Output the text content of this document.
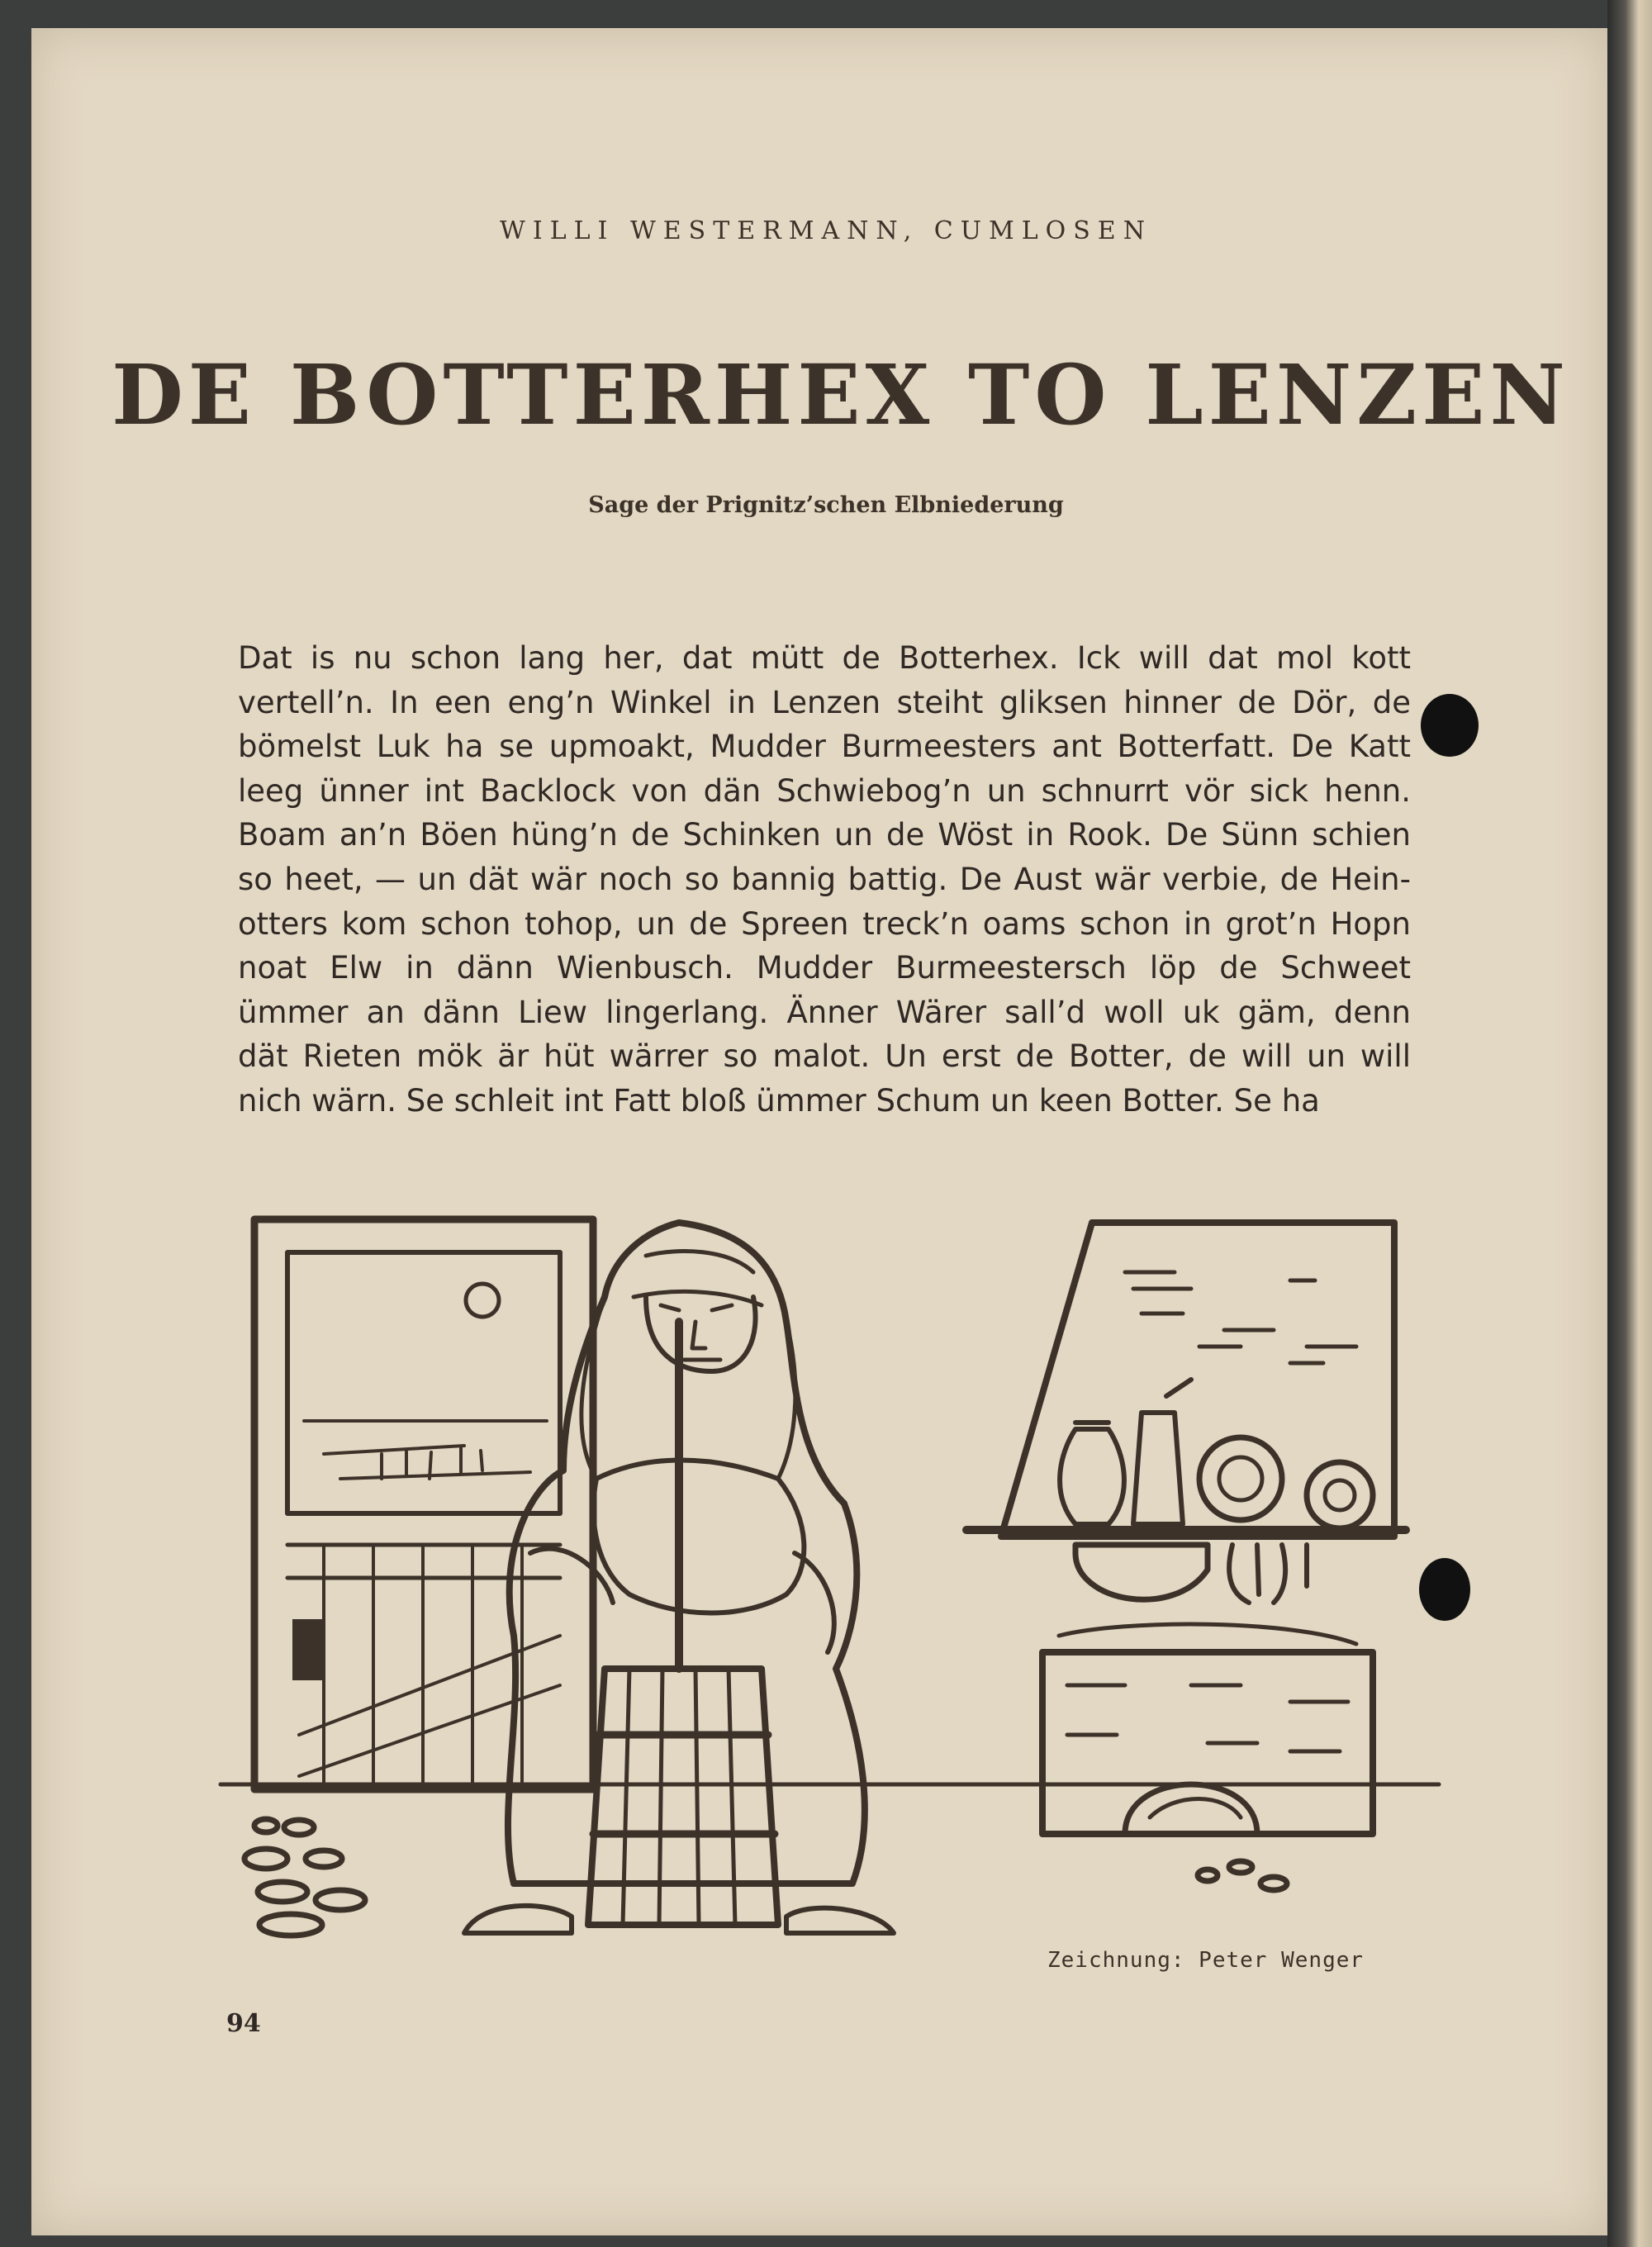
WILLI WESTERMANN, CUMLOSEN
DE BOTTERHEX TO LENZEN
Sage der Prignitz’schen Elbniederung
Dat is nu schon lang her, dat mütt de Botterhex. Ick will dat mol kott
vertell’n. In een eng’n Winkel in Lenzen steiht gliksen hinner de Dör, de
bömelst Luk ha se upmoakt, Mudder Burmeesters ant Botterfatt. De Katt
leeg ünner int Backlock von dän Schwiebog’n un schnurrt vör sick henn.
Boam an’n Böen hüng’n de Schinken un de Wöst in Rook. De Sünn schien
so heet, — un dät wär noch so bannig battig. De Aust wär verbie, de Hein-
otters kom schon tohop, un de Spreen treck’n oams schon in grot’n Hopn
noat Elw in dänn Wienbusch. Mudder Burmeestersch löp de Schweet
ümmer an dänn Liew lingerlang. Änner Wärer sall’d woll uk gäm, denn
dät Rieten mök är hüt wärrer so malot. Un erst de Botter, de will un will
nich wärn. Se schleit int Fatt bloß ümmer Schum un keen Botter. Se ha
Zeichnung: Peter Wenger
94
